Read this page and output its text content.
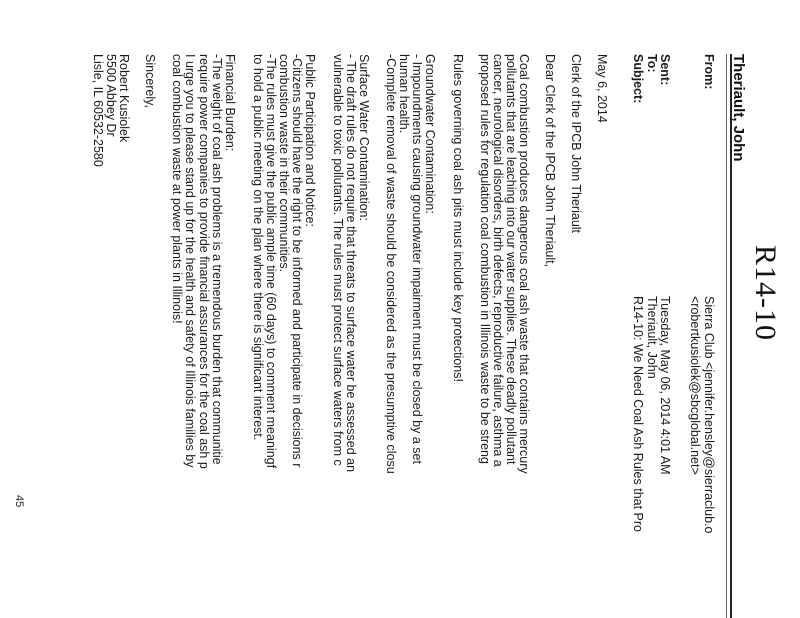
R14-10
Theriault, John
From:
Sierra Club <jennifer.hensley@sierraclub.o
<robertkusiolek@sbcglobal.net>
Sent:
Tuesday, May 06, 2014 4:01 AM
To:
Theriault, John
Subject:
R14-10: We Need Coal Ash Rules that Pro
May 6, 2014
Clerk of the IPCB John Theriault
Dear Clerk of the IPCB John Theriault,
Coal combustion produces dangerous coal ash waste that contains mercury
pollutants that are leaching into our water supplies. These deadly pollutant
cancer, neurological disorders, birth defects, reproductive failure, asthma a
proposed rules for regulation coal combustion in Illinois waste to be streng
Rules governing coal ash pits must include key protections!
Groundwater Contamination:
- Impoundments causing groundwater impairment must be closed by a set
human health.
-Complete removal of waste should be considered as the presumptive closu
Surface Water Contamination:
- The draft rules do not require that threats to surface water be assessed an
vulnerable to toxic pollutants. The rules must protect surface waters from c
Public Participation and Notice:
-Citizens should have the right to be informed and participate in decisions r
combustion waste in their communities.
-The rules must give the public ample time (60 days) to comment meaningf
to hold a public meeting on the plan where there is significant interest.
Financial Burden:
-The weight of coal ash problems is a tremendous burden that communitie
require power companies to provide financial assurances for the coal ash p
I urge you to please stand up for the health and safety of Illinois families by
coal combustion waste at power plants in Illinois!
Sincerely,
Robert Kusiolek
5500 Abbey Dr
Lisle, IL 60532-2580
45
